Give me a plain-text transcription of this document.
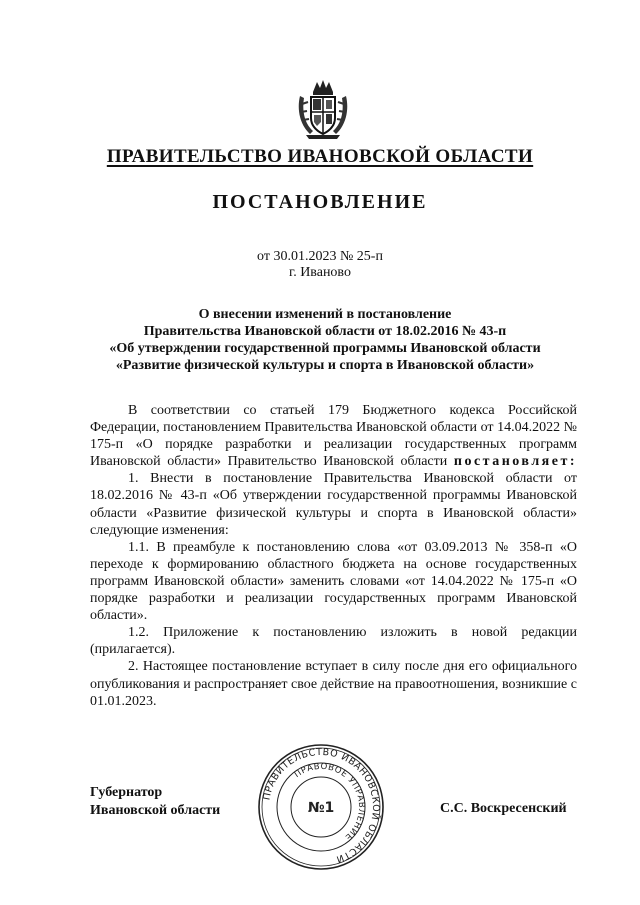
ПРАВИТЕЛЬСТВО ИВАНОВСКОЙ ОБЛАСТИ
ПОСТАНОВЛЕНИЕ
от 30.01.2023 № 25-п
г. Иваново
О внесении изменений в постановление
Правительства Ивановской области от 18.02.2016 № 43-п
«Об утверждении государственной программы Ивановской области
«Развитие физической культуры и спорта в Ивановской области»

В соответствии со статьей 179 Бюджетного кодекса Российской Федерации, постановлением Правительства Ивановской области от 14.04.2022 № 175-п «О порядке разработки и реализации государственных программ Ивановской области» Правительство Ивановской области постановляет:

1. Внести в постановление Правительства Ивановской области от 18.02.2016 № 43-п «Об утверждении государственной программы Ивановской области «Развитие физической культуры и спорта в Ивановской области» следующие изменения:

1.1. В преамбуле к постановлению слова «от 03.09.2013 № 358-п «О переходе к формированию областного бюджета на основе государственных программ Ивановской области» заменить словами «от 14.04.2022 № 175-п «О порядке разработки и реализации государственных программ Ивановской области».

1.2. Приложение к постановлению изложить в новой редакции (прилагается).

2. Настоящее постановление вступает в силу после дня его официального опубликования и распространяет свое действие на правоотношения, возникшие с 01.01.2023.

Губернатор
Ивановской области	С.С. Воскресенский
ПРАВИТЕЛЬСТВО ИВАНОВСКОЙ ОБЛАСТИ
ПРАВОВОЕ УПРАВЛЕНИЕ
№1
